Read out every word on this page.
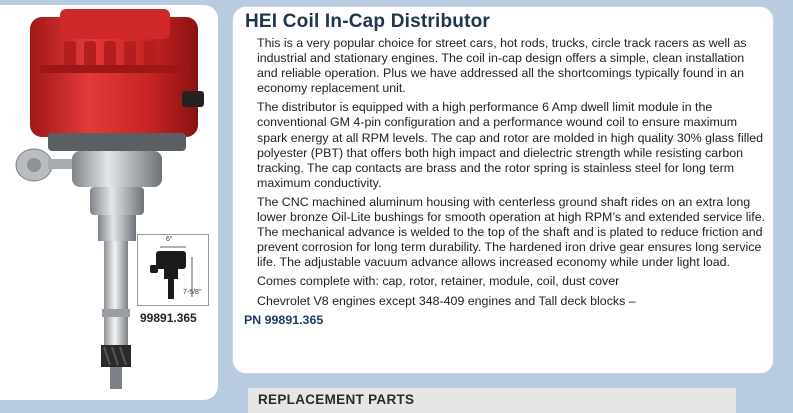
6"
7-5/8"
99891.365
HEI Coil In-Cap Distributor

This is a very popular choice for street cars, hot rods, trucks, circle track racers as well as industrial and stationary engines. The coil in-cap design offers a simple, clean installation and reliable operation. Plus we have addressed all the shortcomings typically found in an economy replacement unit.

The distributor is equipped with a high performance 6 Amp dwell limit module in the conventional GM 4-pin configuration and a performance wound coil to ensure maximum spark energy at all RPM levels. The cap and rotor are molded in high quality 30% glass filled polyester (PBT) that offers both high impact and dielectric strength while resisting carbon tracking. The cap contacts are brass and the rotor spring is stainless steel for long term maximum conductivity.

The CNC machined aluminum housing with centerless ground shaft rides on an extra long lower bronze Oil-Lite bushings for smooth operation at high RPM’s and extended service life. The mechanical advance is welded to the top of the shaft and is plated to reduce friction and prevent corrosion for long term durability. The hardened iron drive gear ensures long service life. The adjustable vacuum advance allows increased economy while under light load.

Comes complete with: cap, rotor, retainer, module, coil, dust cover

Chevrolet V8 engines except 348-409 engines and Tall deck blocks –

PN 99891.365
REPLACEMENT PARTS
